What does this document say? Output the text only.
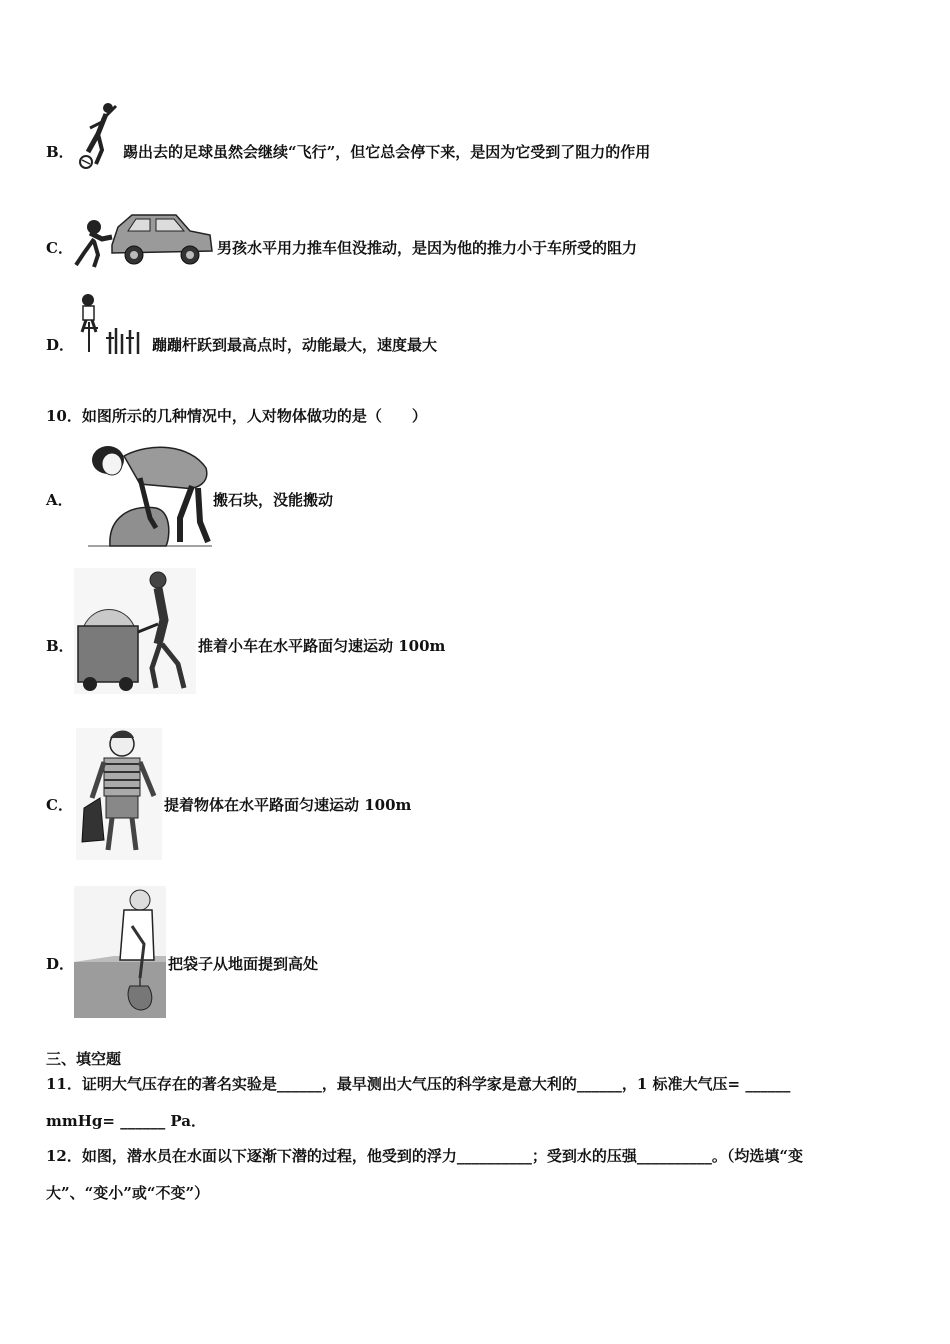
B．	踢出去的足球虽然会继续“飞行”，但它总会停下来，是因为它受到了阻力的作用
C．	男孩水平用力推车但没推动，是因为他的推力小于车所受的阻力
D．	蹦蹦杆跃到最高点时，动能最大，速度最大
10．如图所示的几种情况中，人对物体做功的是（　　）
A．	搬石块，没能搬动
B．	推着小车在水平路面匀速运动 100m
C．	提着物体在水平路面匀速运动 100m
D．	把袋子从地面提到高处
三、填空题
11．证明大气压存在的著名实验是______，最早测出大气压的科学家是意大利的______，1 标准大气压= ______
mmHg= ______ Pa．
12．如图，潜水员在水面以下逐渐下潜的过程，他受到的浮力__________；受到水的压强__________。（均选填“变
大”、“变小”或“不变”）
